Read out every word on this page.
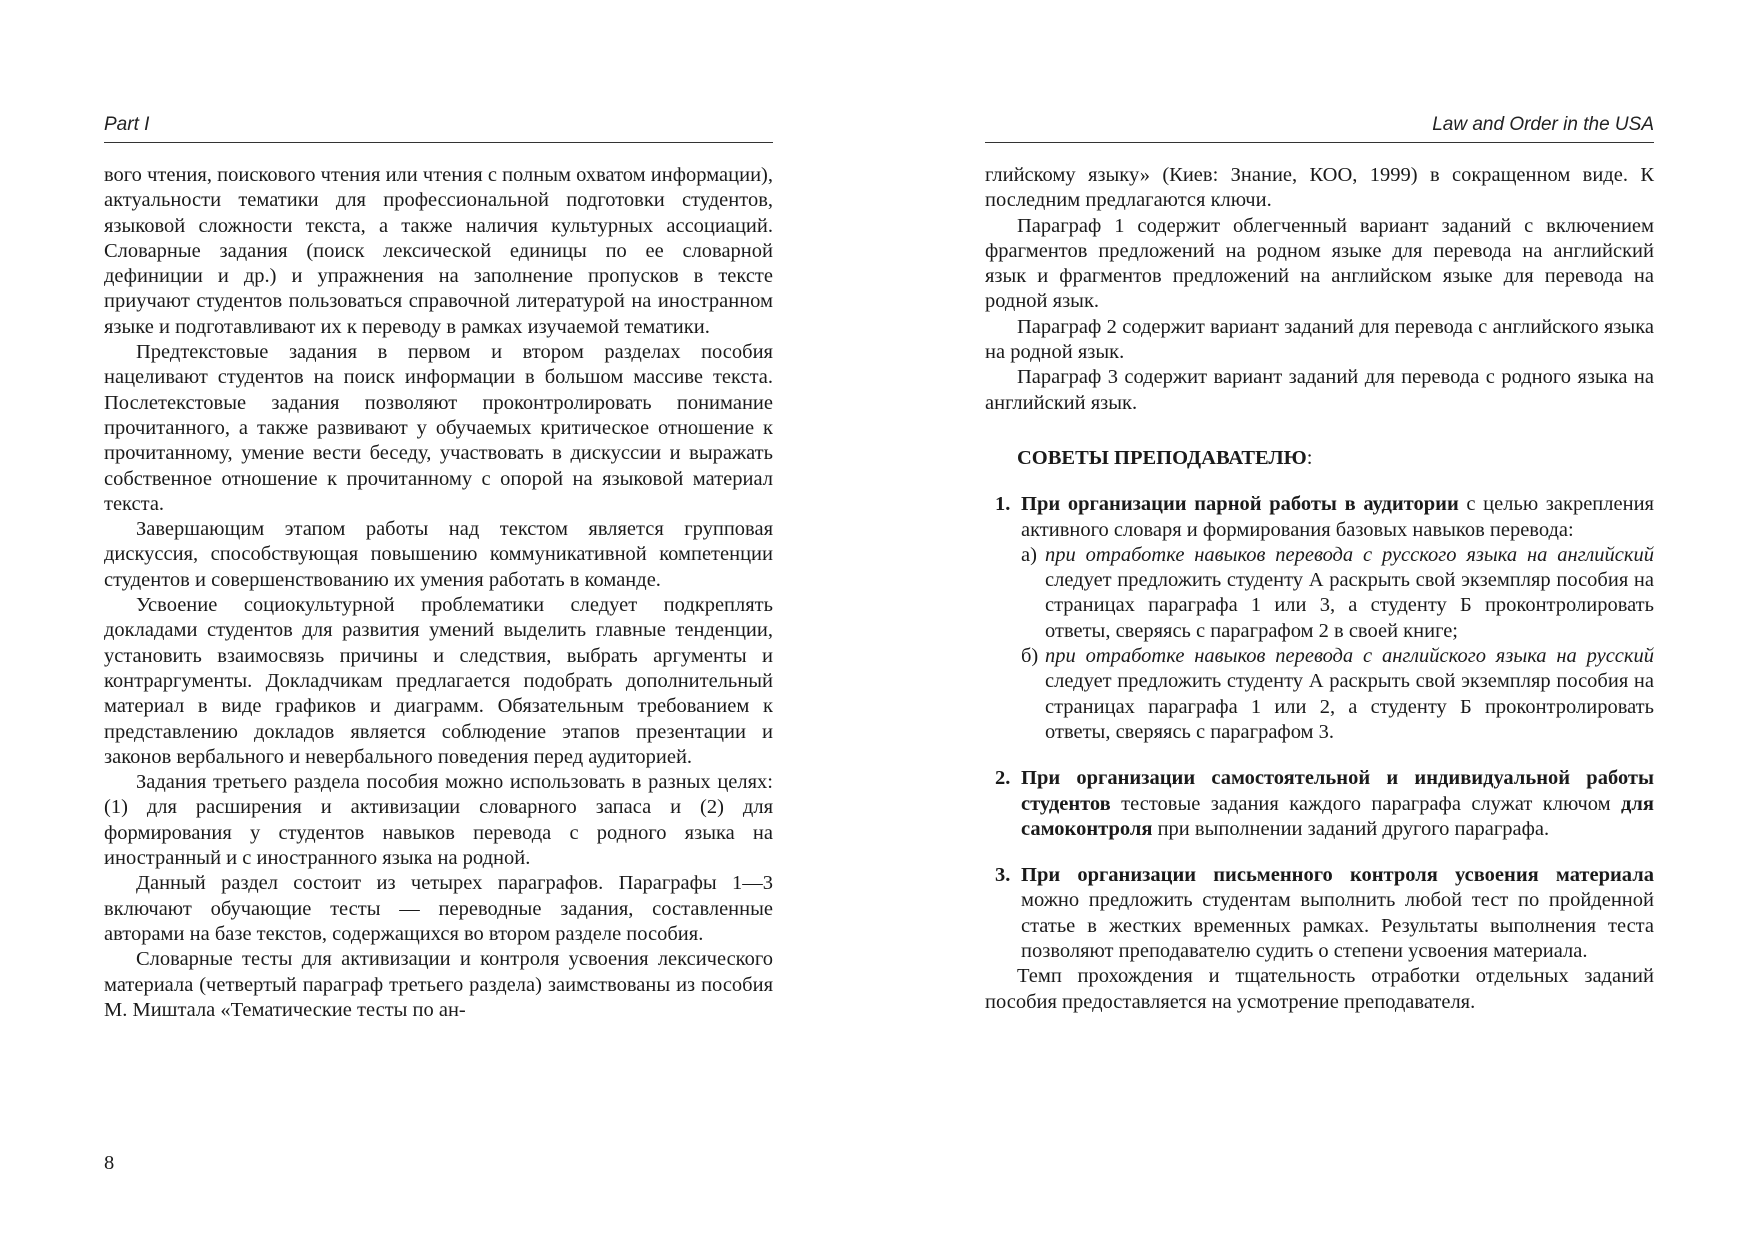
Part I

вого чтения, поискового чтения или чтения с полным охватом информации), актуальности тематики для профессиональной подготовки студентов, языковой сложности текста, а также наличия культурных ассоциаций. Словарные задания (поиск лексической единицы по ее словарной дефиниции и др.) и упражнения на заполнение пропусков в тексте приучают студентов пользоваться справочной литературой на иностранном языке и подготавливают их к переводу в рамках изучаемой тематики.

Предтекстовые задания в первом и втором разделах пособия нацеливают студентов на поиск информации в большом массиве текста. Послетекстовые задания позволяют проконтролировать понимание прочитанного, а также развивают у обучаемых критическое отношение к прочитанному, умение вести беседу, участвовать в дискуссии и выражать собственное отношение к прочитанному с опорой на языковой материал текста.

Завершающим этапом работы над текстом является групповая дискуссия, способствующая повышению коммуникативной компетенции студентов и совершенствованию их умения работать в команде.

Усвоение социокультурной проблематики следует подкреплять докладами студентов для развития умений выделить главные тенденции, установить взаимосвязь причины и следствия, выбрать аргументы и контраргументы. Докладчикам предлагается подобрать дополнительный материал в виде графиков и диаграмм. Обязательным требованием к представлению докладов является соблюдение этапов презентации и законов вербального и невербального поведения перед аудиторией.

Задания третьего раздела пособия можно использовать в разных целях: (1) для расширения и активизации словарного запаса и (2) для формирования у студентов навыков перевода с родного языка на иностранный и с иностранного языка на родной.

Данный раздел состоит из четырех параграфов. Параграфы 1—3 включают обучающие тесты — переводные задания, составленные авторами на базе текстов, содержащихся во втором разделе пособия.

Словарные тесты для активизации и контроля усвоения лексического материала (четвертый параграф третьего раздела) заимствованы из пособия М. Миштала «Тематические тесты по ан-

8
Law and Order in the USA

глийскому языку» (Киев: Знание, КОО, 1999) в сокращенном виде. К последним предлагаются ключи.

Параграф 1 содержит облегченный вариант заданий с включением фрагментов предложений на родном языке для перевода на английский язык и фрагментов предложений на английском языке для перевода на родной язык.

Параграф 2 содержит вариант заданий для перевода с английского языка на родной язык.

Параграф 3 содержит вариант заданий для перевода с родного языка на английский язык.

СОВЕТЫ ПРЕПОДАВАТЕЛЮ:

1. При организации парной работы в аудитории с целью закрепления активного словаря и формирования базовых навыков перевода:

а) при отработке навыков перевода с русского языка на английский следует предложить студенту А раскрыть свой экземпляр пособия на страницах параграфа 1 или 3, а студенту Б проконтролировать ответы, сверяясь с параграфом 2 в своей книге;

б) при отработке навыков перевода с английского языка на русский следует предложить студенту А раскрыть свой экземпляр пособия на страницах параграфа 1 или 2, а студенту Б проконтролировать ответы, сверяясь с параграфом 3.

2. При организации самостоятельной и индивидуальной работы студентов тестовые задания каждого параграфа служат ключом для самоконтроля при выполнении заданий другого параграфа.

3. При организации письменного контроля усвоения материала можно предложить студентам выполнить любой тест по пройденной статье в жестких временных рамках. Результаты выполнения теста позволяют преподавателю судить о степени усвоения материала.

Темп прохождения и тщательность отработки отдельных заданий пособия предоставляется на усмотрение преподавателя.
